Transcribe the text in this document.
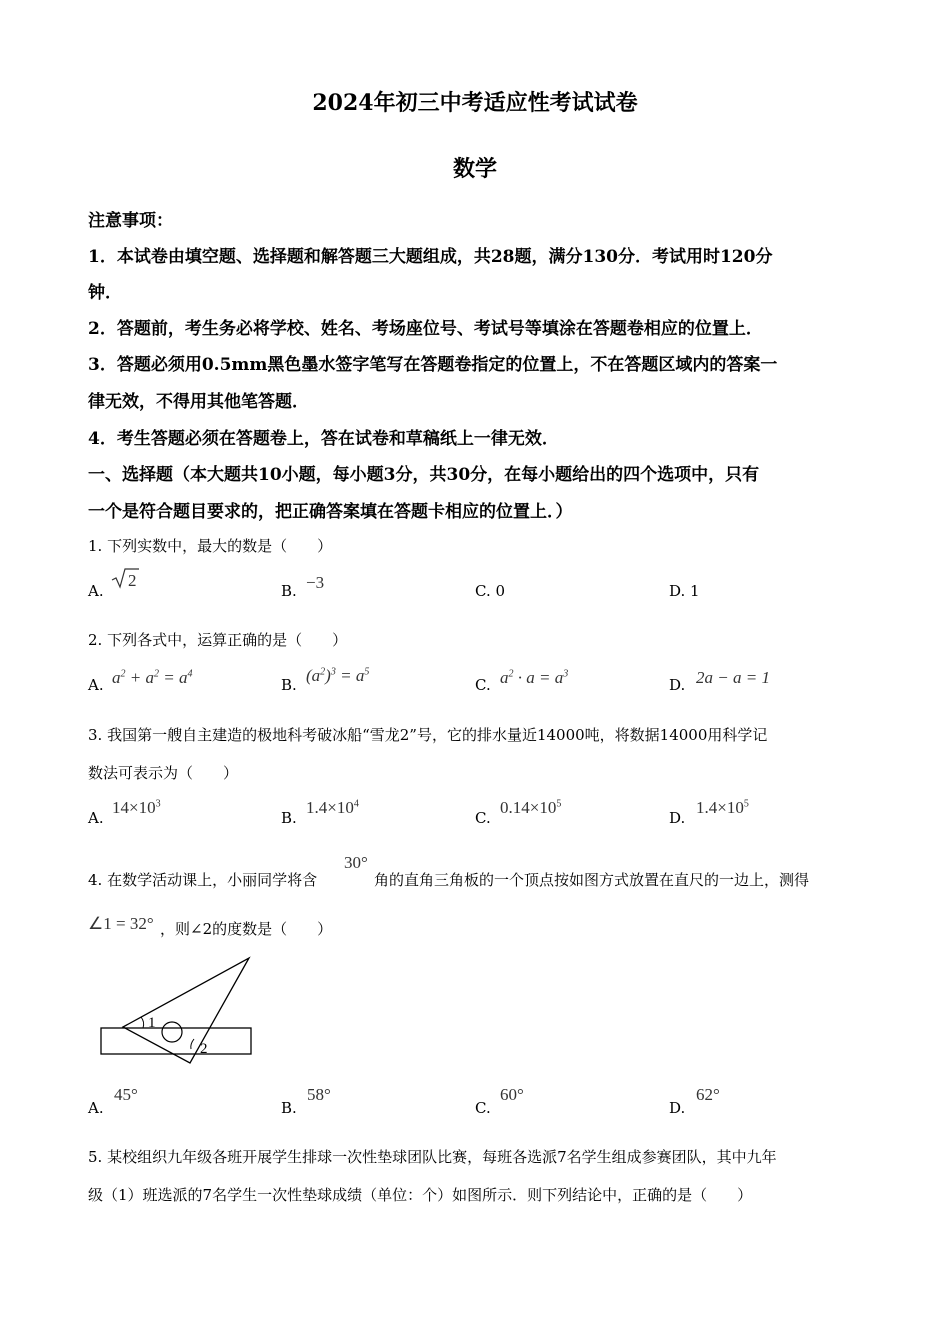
2024年初三中考适应性考试试卷
数学
注意事项：
1．本试卷由填空题、选择题和解答题三大题组成，共28题，满分130分．考试用时120分
钟．
2．答题前，考生务必将学校、姓名、考场座位号、考试号等填涂在答题卷相应的位置上．
3．答题必须用0.5mm黑色墨水签字笔写在答题卷指定的位置上，不在答题区域内的答案一
律无效，不得用其他笔答题．
4．考生答题必须在答题卷上，答在试卷和草稿纸上一律无效．
一、选择题（本大题共10小题，每小题3分，共30分，在每小题给出的四个选项中，只有
一个是符合题目要求的，把正确答案填在答题卡相应的位置上．）
1. 下列实数中，最大的数是（　　）
A.
2
B. −3	C. 0	D. 1
2. 下列各式中，运算正确的是（　　）
A. $a^2 + a^2 = a^4$
B. $(a^2)^3 = a^5$
C. $a^2 \cdot a = a^3$
D. 2a − a = 1
3. 我国第一艘自主建造的极地科考破冰船“雪龙2”号，它的排水量近14000吨，将数据14000用科学记
数法可表示为（　　）
A.
$14\times 10^3$
B.
$1.4\times 10^4$
C.
$0.14\times 10^5$
D.
$1.4\times 10^5$
4. 在数学活动课上，小丽同学将含
30°
角的直角三角板的一个顶点按如图方式放置在直尺的一边上，测得
∠1 = 32° ，则∠2的度数是（　　）
1
2
A.
45°
B.
58°
C.
60°
D.
62°
5. 某校组织九年级各班开展学生排球一次性垫球团队比赛，每班各选派7名学生组成参赛团队，其中九年
级（1）班选派的7名学生一次性垫球成绩（单位：个）如图所示．则下列结论中，正确的是（　　）
